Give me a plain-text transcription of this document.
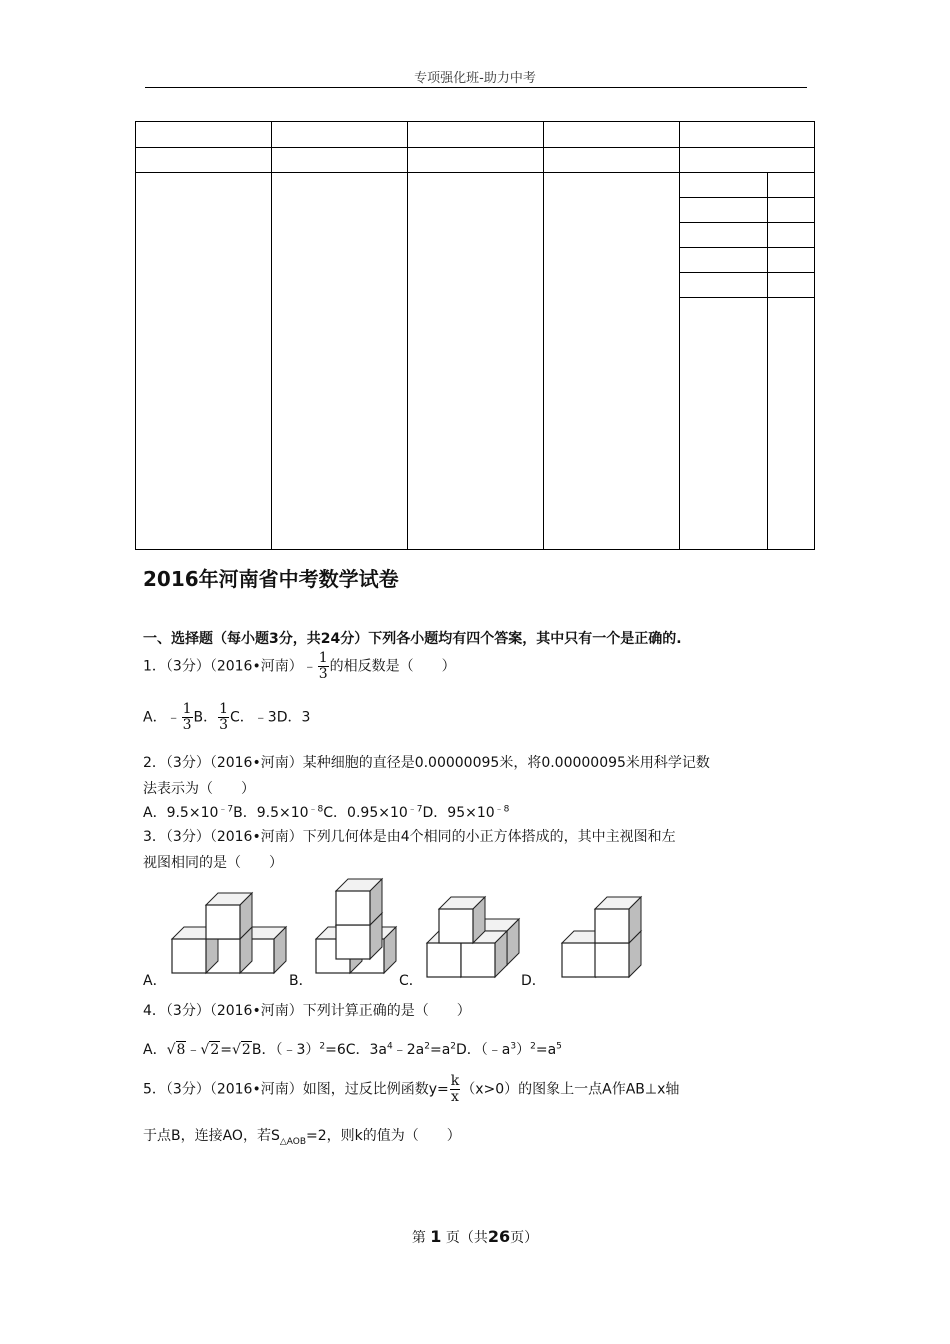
专项强化班-助力中考
2016年河南省中考数学试卷
一、选择题（每小题3分，共24分）下列各小题均有四个答案，其中只有一个是正确的.
1．（3分）（2016•河南）﹣ $\frac{1}{3}$ 的相反数是（　　）
A．﹣ $\frac{1}{3}$ B． $\frac{1}{3}$ C．﹣3D．3
2．（3分）（2016•河南）某种细胞的直径是0.00000095米，将0.00000095米用科学记数
法表示为（　　）
A．$9.5\times 10^{﹣7}B$．$9.5\times 10^{﹣8}C$．$0.95\times 10^{﹣7}D$．$95\times 10^{﹣8}$
3．（3分）（2016•河南）下列几何体是由4个相同的小正方体搭成的，其中主视图和左
视图相同的是（　　）
A．	B．	C．	D．
4．（3分）（2016•河南）下列计算正确的是（　　）
A．√8﹣√2=√2B．（﹣3）$^2$=6C．$3a^4﹣2a^2=a^2D$．$(﹣a^3)^2=a^5$
5．（3分）（2016•河南）如图，过反比例函数$y= \frac{k}{x} (x>0)$的图象上一点A作AB⊥x轴
于点B，连接AO，若$S_{\triangle AOB}=2$，则k的值为（　　）
第 1 页（共26页）
